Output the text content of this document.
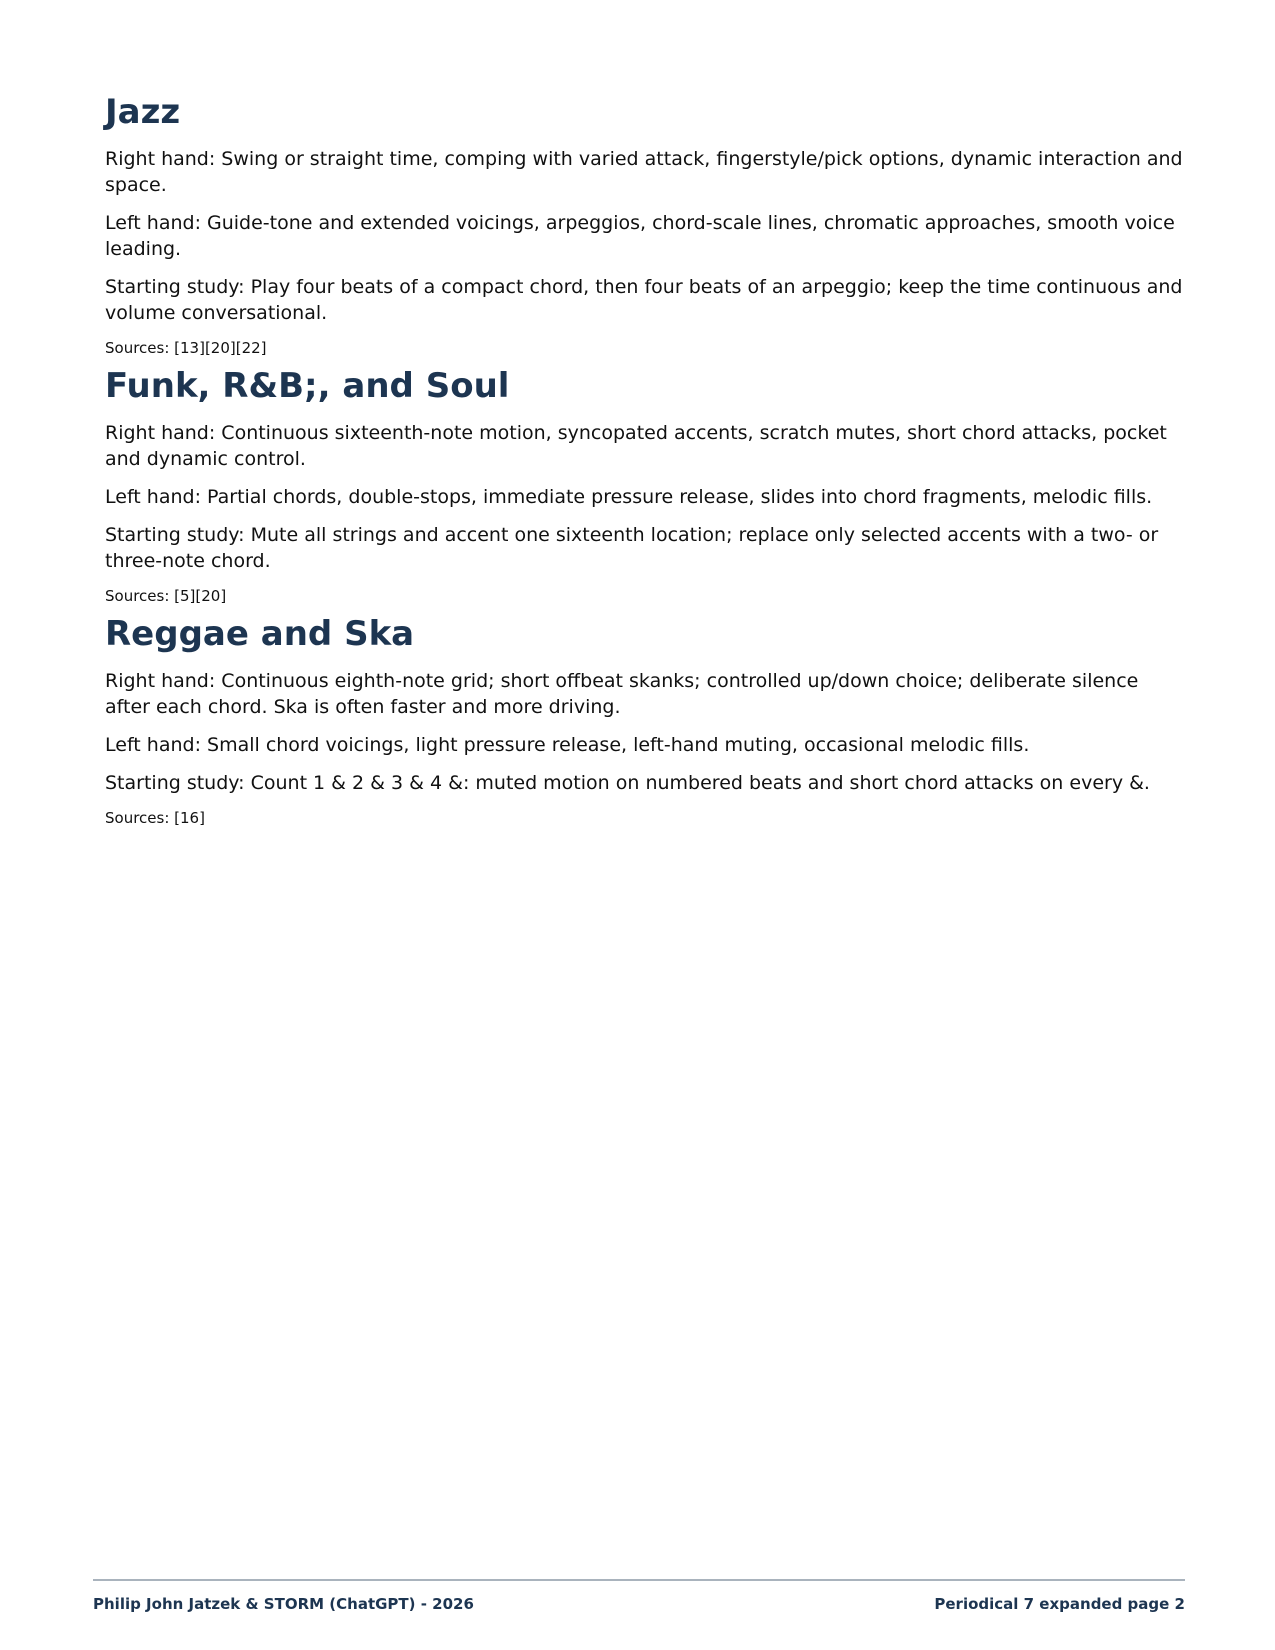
Jazz

Right hand: Swing or straight time, comping with varied attack, fingerstyle/pick options, dynamic interaction and space.

Left hand: Guide-tone and extended voicings, arpeggios, chord-scale lines, chromatic approaches, smooth voice leading.

Starting study: Play four beats of a compact chord, then four beats of an arpeggio; keep the time continuous and volume conversational.

Sources: [13][20][22]

Funk, R&B;, and Soul

Right hand: Continuous sixteenth-note motion, syncopated accents, scratch mutes, short chord attacks, pocket and dynamic control.

Left hand: Partial chords, double-stops, immediate pressure release, slides into chord fragments, melodic fills.

Starting study: Mute all strings and accent one sixteenth location; replace only selected accents with a two- or three-note chord.

Sources: [5][20]

Reggae and Ska

Right hand: Continuous eighth-note grid; short offbeat skanks; controlled up/down choice; deliberate silence after each chord. Ska is often faster and more driving.

Left hand: Small chord voicings, light pressure release, left-hand muting, occasional melodic fills.

Starting study: Count 1 & 2 & 3 & 4 &: muted motion on numbered beats and short chord attacks on every &.

Sources: [16]

Philip John Jatzek & STORM (ChatGPT) - 2026	Periodical 7 expanded page 2
